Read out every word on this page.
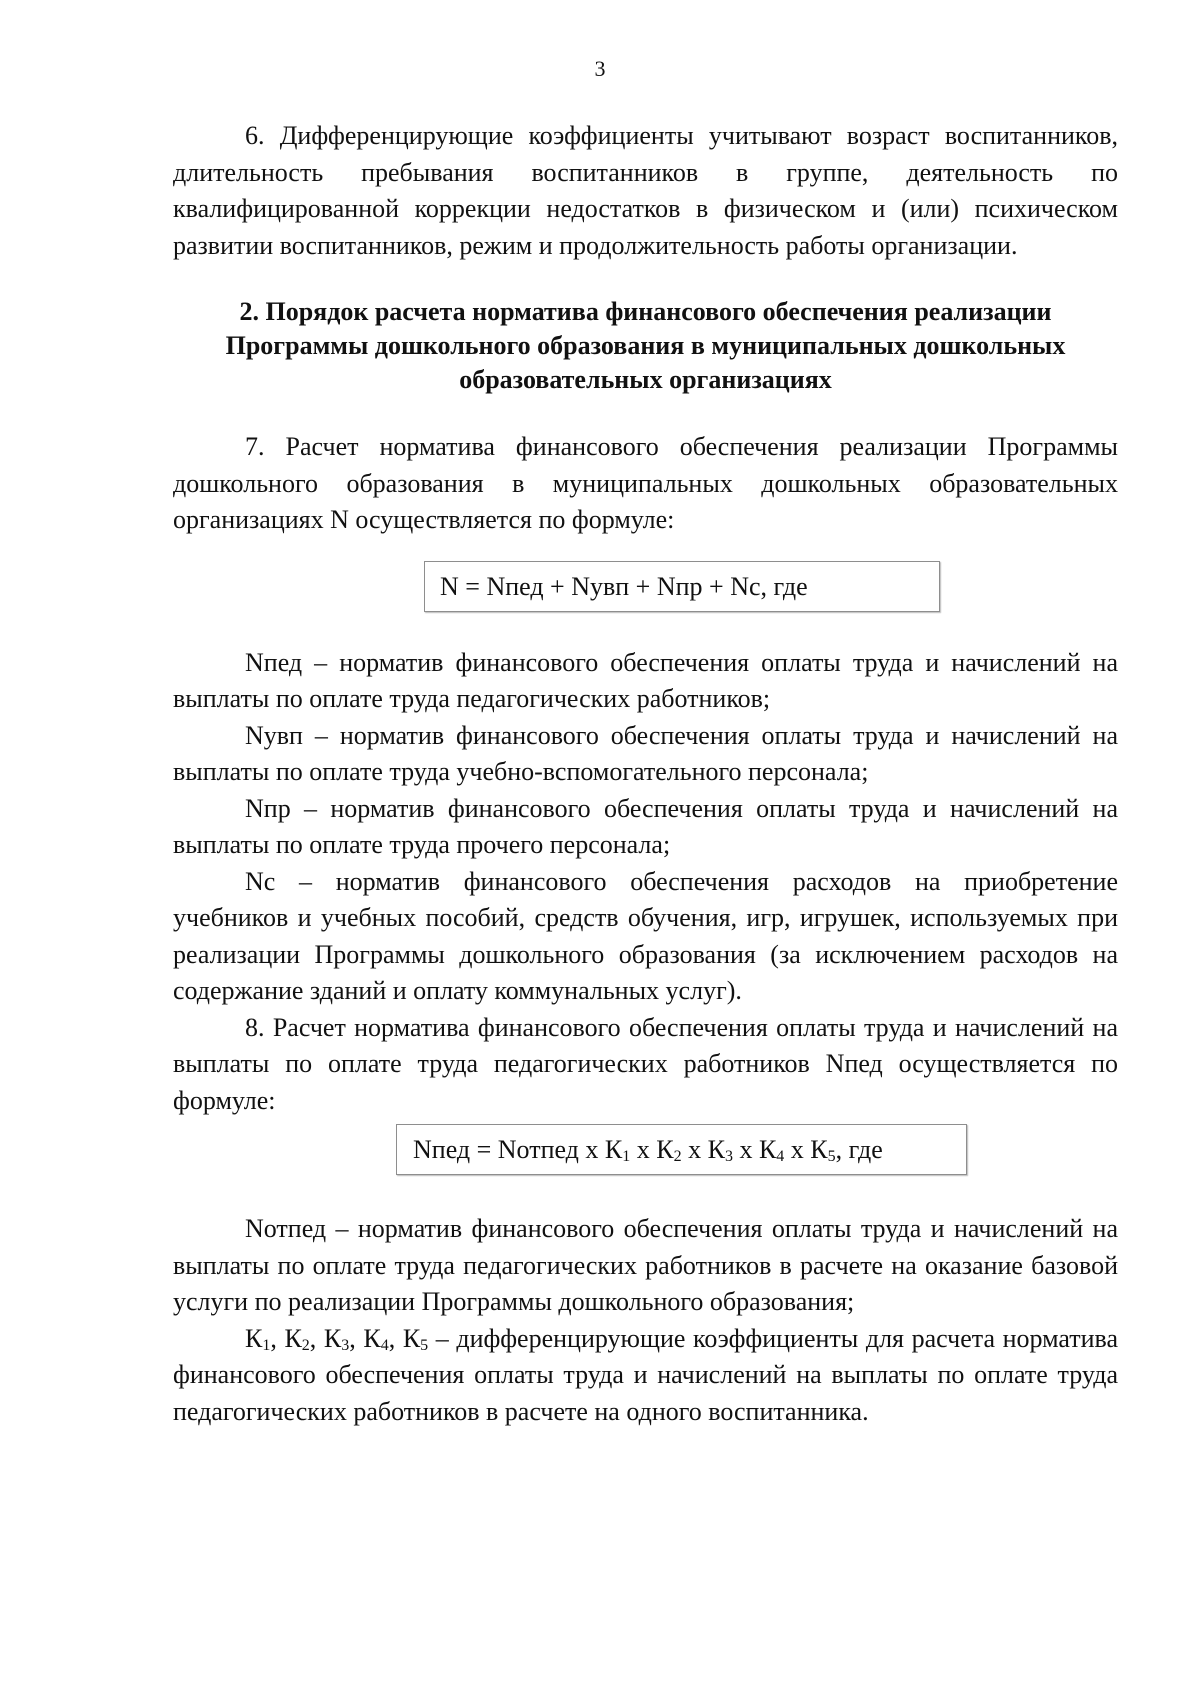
3

6. Дифференцирующие коэффициенты учитывают возраст воспитанников, длительность пребывания воспитанников в группе, деятельность по квалифицированной коррекции недостатков в физическом и (или) психическом развитии воспитанников, режим и продолжительность работы организации.

2. Порядок расчета норматива финансового обеспечения реализации Программы дошкольного образования в муниципальных дошкольных образовательных организациях

7. Расчет норматива финансового обеспечения реализации Программы дошкольного образования в муниципальных дошкольных образовательных организациях N осуществляется по формуле:

N = Nпед + Nувп + Nпр + Nс, где

Nпед – норматив финансового обеспечения оплаты труда и начислений на выплаты по оплате труда педагогических работников;

Nувп – норматив финансового обеспечения оплаты труда и начислений на выплаты по оплате труда учебно-вспомогательного персонала;

Nпр – норматив финансового обеспечения оплаты труда и начислений на выплаты по оплате труда прочего персонала;

Nс – норматив финансового обеспечения расходов на приобретение учебников и учебных пособий, средств обучения, игр, игрушек, используемых при реализации Программы дошкольного образования (за исключением расходов на содержание зданий и оплату коммунальных услуг).

8. Расчет норматива финансового обеспечения оплаты труда и начислений на выплаты по оплате труда педагогических работников Nпед осуществляется по формуле:

Nпед = Nотпед х $К_1$ х $К_2$ х $К_3$ х $К_4$ х $К_5$, где

Nотпед – норматив финансового обеспечения оплаты труда и начислений на выплаты по оплате труда педагогических работников в расчете на оказание базовой услуги по реализации Программы дошкольного образования;

$К_1$, $К_2$, $К_3$, $К_4$, $К_5$ – дифференцирующие коэффициенты для расчета норматива финансового обеспечения оплаты труда и начислений на выплаты по оплате труда педагогических работников в расчете на одного воспитанника.
